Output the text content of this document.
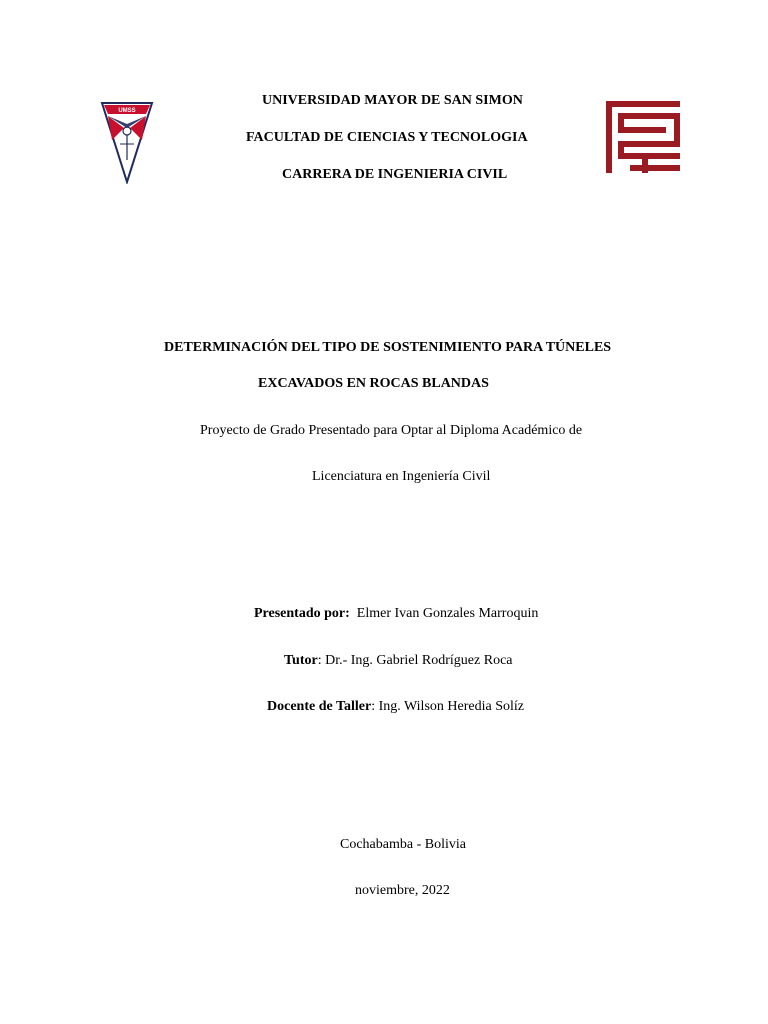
UMSS
UNIVERSIDAD MAYOR DE SAN SIMON
FACULTAD DE CIENCIAS Y TECNOLOGIA
CARRERA DE INGENIERIA CIVIL
DETERMINACIÓN DEL TIPO DE SOSTENIMIENTO PARA TÚNELES
EXCAVADOS EN ROCAS BLANDAS
Proyecto de Grado Presentado para Optar al Diploma Académico de
Licenciatura en Ingeniería Civil
Presentado por: Elmer Ivan Gonzales Marroquin
Tutor: Dr.- Ing. Gabriel Rodríguez Roca
Docente de Taller: Ing. Wilson Heredia Solíz
Cochabamba - Bolivia
noviembre, 2022
